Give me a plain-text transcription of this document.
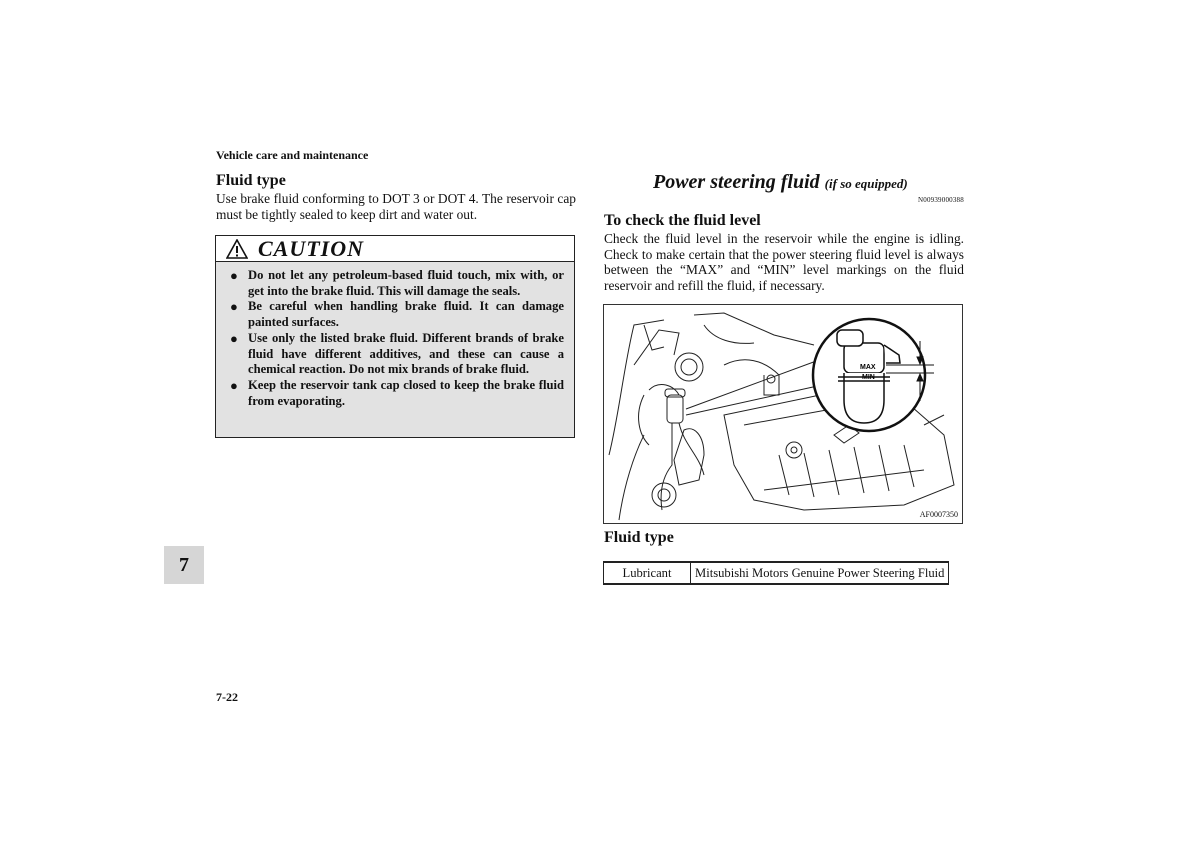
Vehicle care and maintenance
Fluid type
Use brake fluid conforming to DOT 3 or DOT 4. The reservoir cap must be tightly sealed to keep dirt and water out.
CAUTION
● Do not let any petroleum-based fluid touch, mix with, or get into the brake fluid. This will damage the seals.
● Be careful when handling brake fluid. It can damage painted surfaces.
● Use only the listed brake fluid. Different brands of brake fluid have different additives, and these can cause a chemical reaction. Do not mix brands of brake fluid.
● Keep the reservoir tank cap closed to keep the brake fluid from evaporating.
Power steering fluid (if so equipped)
N00939000388
To check the fluid level
Check the fluid level in the reservoir while the engine is idling. Check to make certain that the power steering fluid level is always between the “MAX” and “MIN” level markings on the fluid reservoir and refill the fluid, if necessary.
MAX
MIN
AF0007350
Fluid type
Lubricant	Mitsubishi Motors Genuine Power Steering Fluid
7
7-22
